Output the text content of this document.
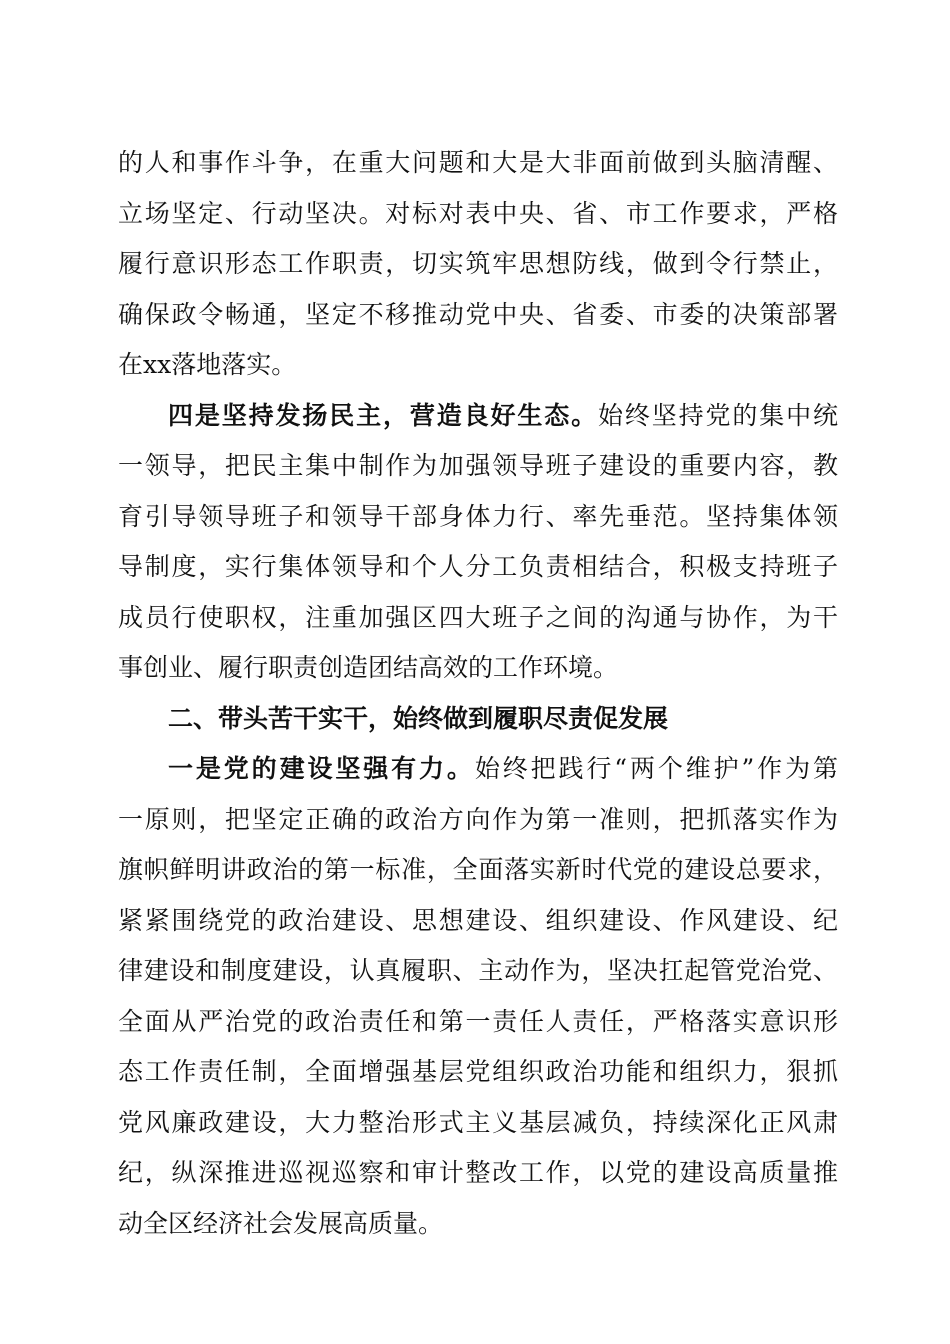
的人和事作斗争，在重大问题和大是大非面前做到头脑清醒、
立场坚定、行动坚决。对标对表中央、省、市工作要求，严格
履行意识形态工作职责，切实筑牢思想防线，做到令行禁止，
确保政令畅通，坚定不移推动党中央、省委、市委的决策部署
在xx落地落实。
四是坚持发扬民主，营造良好生态。始终坚持党的集中统
一领导，把民主集中制作为加强领导班子建设的重要内容，教
育引导领导班子和领导干部身体力行、率先垂范。坚持集体领
导制度，实行集体领导和个人分工负责相结合，积极支持班子
成员行使职权，注重加强区四大班子之间的沟通与协作，为干
事创业、履行职责创造团结高效的工作环境。
二、带头苦干实干，始终做到履职尽责促发展
一是党的建设坚强有力。始终把践行“两个维护”作为第
一原则，把坚定正确的政治方向作为第一准则，把抓落实作为
旗帜鲜明讲政治的第一标准，全面落实新时代党的建设总要求，
紧紧围绕党的政治建设、思想建设、组织建设、作风建设、纪
律建设和制度建设，认真履职、主动作为，坚决扛起管党治党、
全面从严治党的政治责任和第一责任人责任，严格落实意识形
态工作责任制，全面增强基层党组织政治功能和组织力，狠抓
党风廉政建设，大力整治形式主义基层减负，持续深化正风肃
纪，纵深推进巡视巡察和审计整改工作，以党的建设高质量推
动全区经济社会发展高质量。
